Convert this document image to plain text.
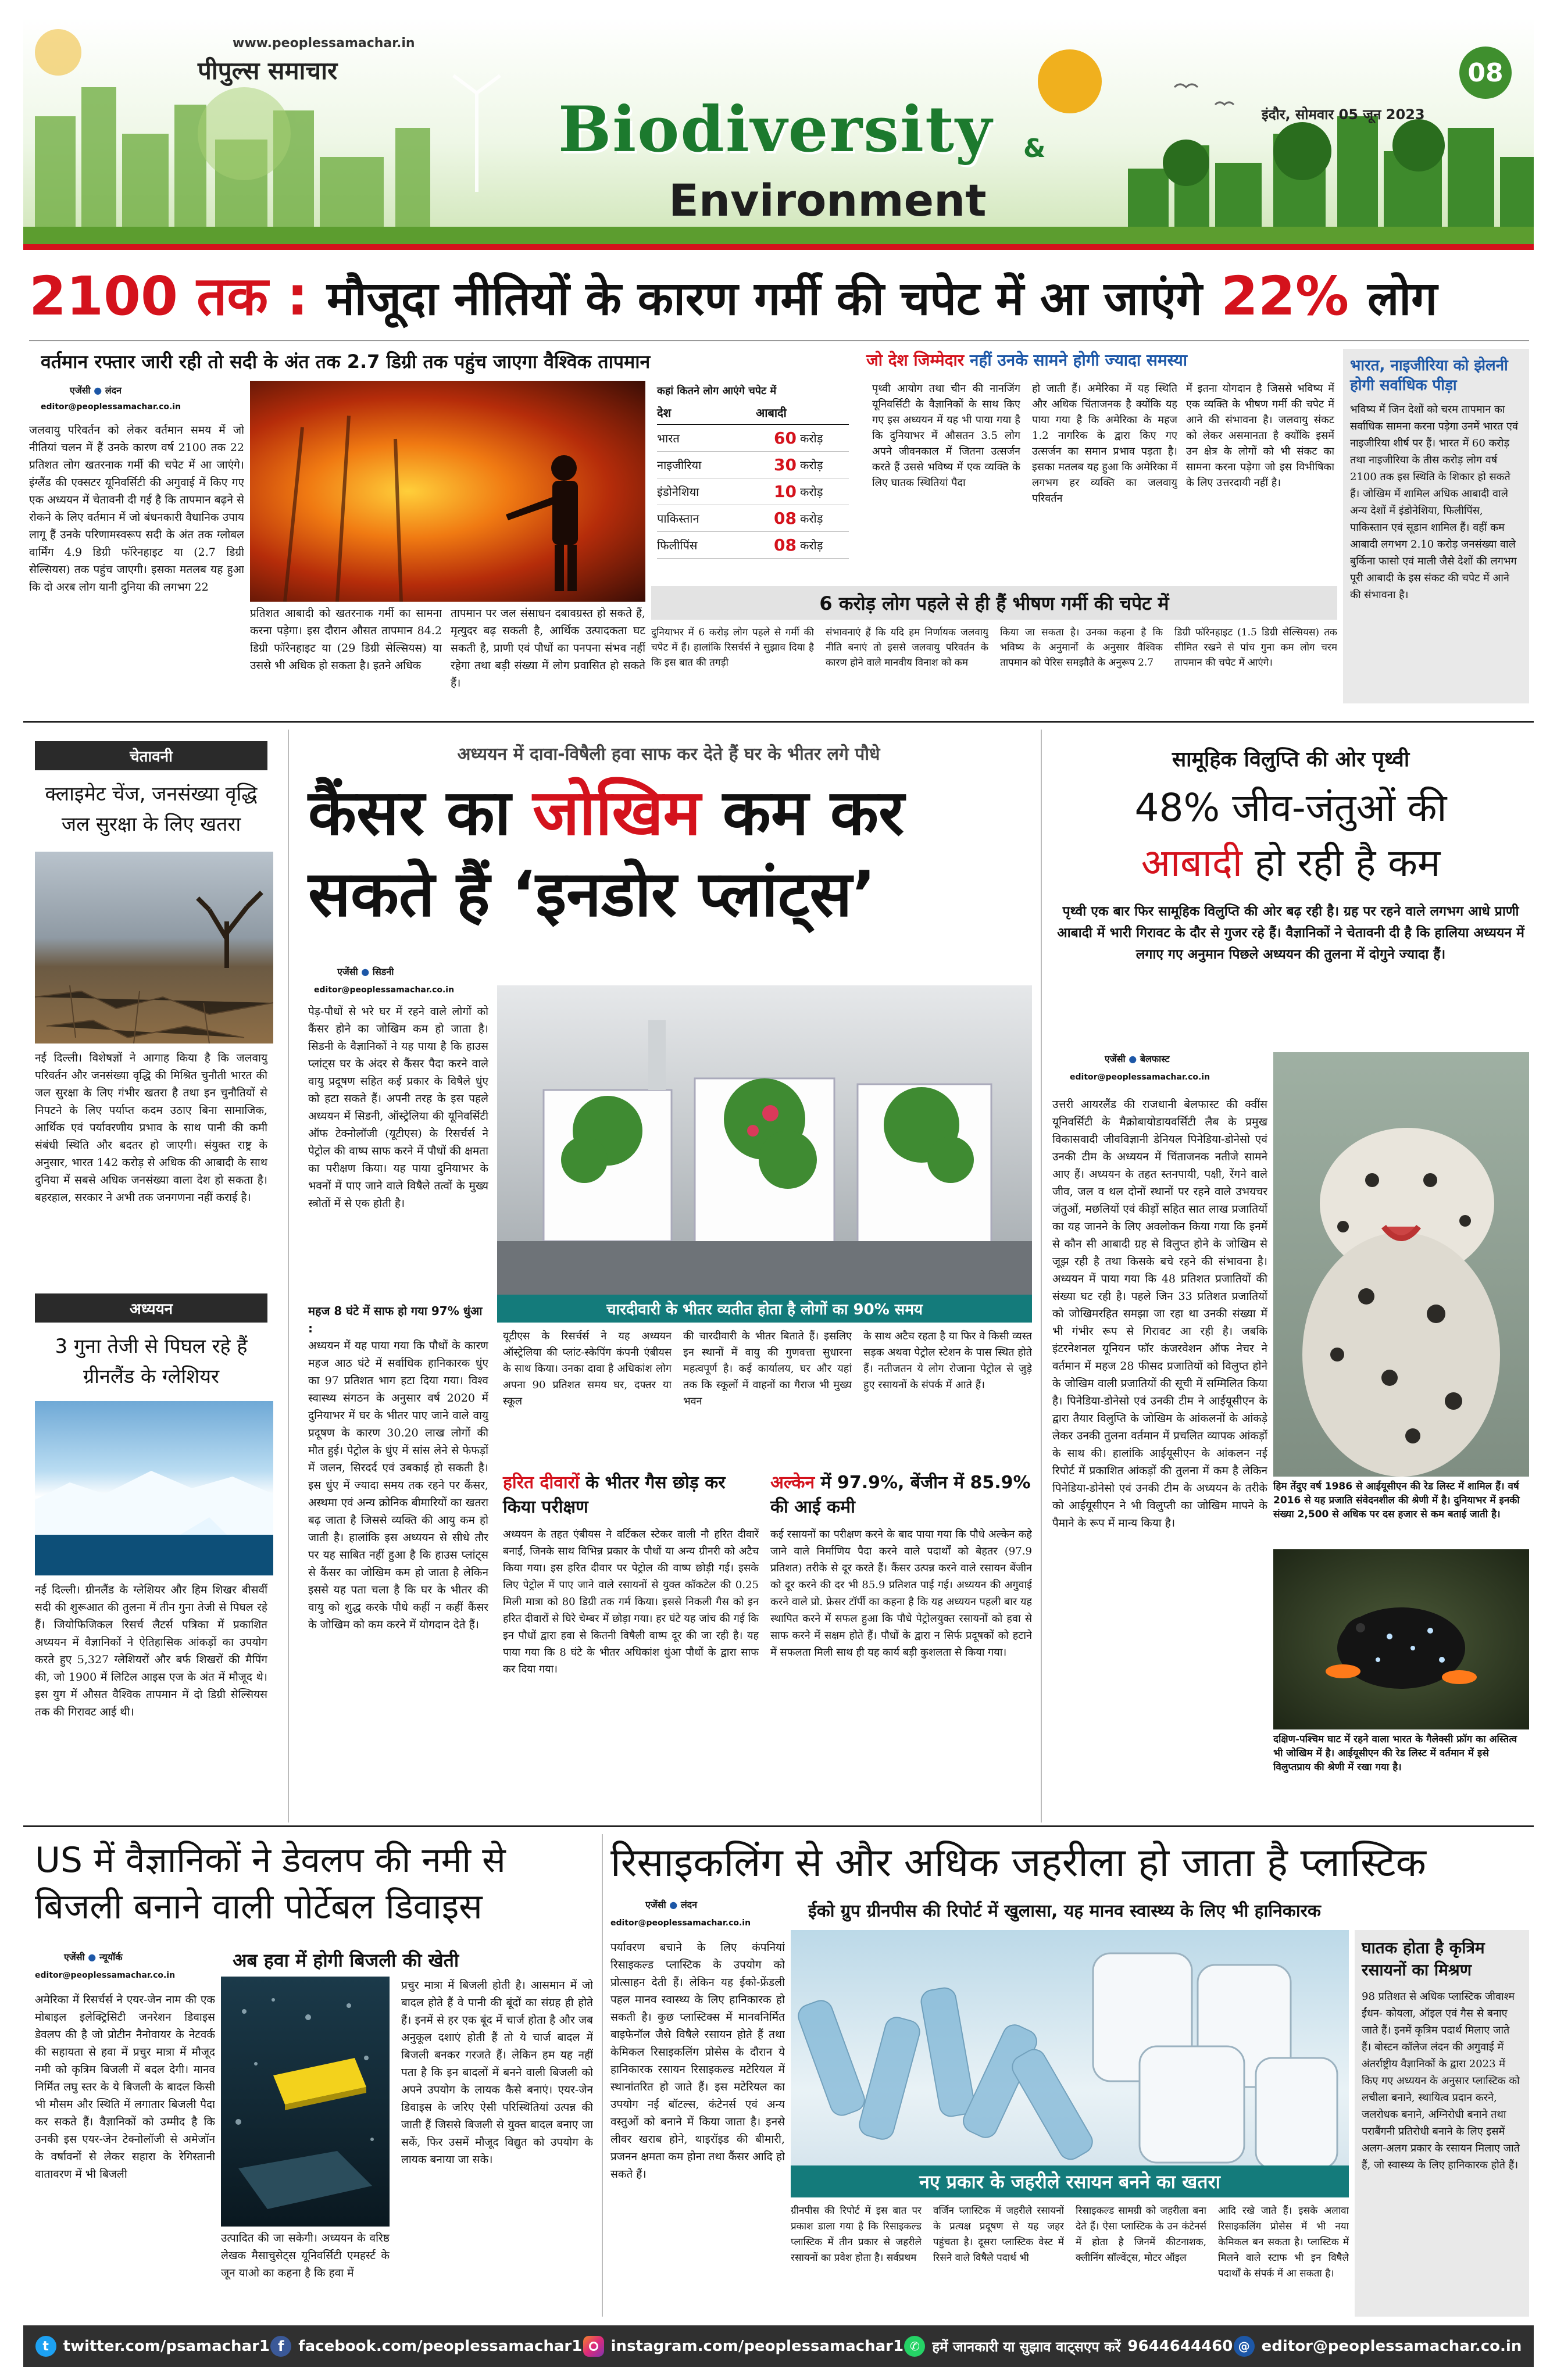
www.peoplessamachar.in
पीपुल्स समाचार
Biodiversity &
Environment
08
इंदौर, सोमवार 05 जून 2023
2100 तक : मौजूदा नीतियों के कारण गर्मी की चपेट में आ जाएंगे 22% लोग
वर्तमान रफ्तार जारी रही तो सदी के अंत तक 2.7 डिग्री तक पहुंच जाएगा वैश्विक तापमान
एजेंसी ● लंदन
editor@peoplessamachar.co.in
जलवायु परिवर्तन को लेकर वर्तमान समय में जो नीतियां चलन में हैं उनके कारण वर्ष 2100 तक 22 प्रतिशत लोग खतरनाक गर्मी की चपेट में आ जाएंगे। इंग्लैंड की एक्सटर यूनिवर्सिटी की अगुवाई में किए गए एक अध्ययन में चेतावनी दी गई है कि तापमान बढ़ने से रोकने के लिए वर्तमान में जो बंधनकारी वैधानिक उपाय लागू हैं उनके परिणामस्वरूप सदी के अंत तक ग्लोबल वार्मिंग 4.9 डिग्री फॉरेनहाइट या (2.7 डिग्री सेल्सियस) तक पहुंच जाएगी। इसका मतलब यह हुआ कि दो अरब लोग यानी दुनिया की लगभग 22
प्रतिशत आबादी को खतरनाक गर्मी का सामना करना पड़ेगा। इस दौरान औसत तापमान 84.2 डिग्री फॉरेनहाइट या (29 डिग्री सेल्सियस) या उससे भी अधिक हो सकता है। इतने अधिक
तापमान पर जल संसाधन दबावग्रस्त हो सकते हैं, मृत्युदर बढ़ सकती है, आर्थिक उत्पादकता घट सकती है, प्राणी एवं पौधों का पनपना संभव नहीं रहेगा तथा बड़ी संख्या में लोग प्रवासित हो सकते हैं।
कहां कितने लोग आएंगे चपेट में
देश	आबादी
भारत	60 करोड़
नाइजीरिया	30 करोड़
इंडोनेशिया	10 करोड़
पाकिस्तान	08 करोड़
फिलीपिंस	08 करोड़
जो देश जिम्मेदार नहीं उनके सामने होगी ज्यादा समस्या
पृथ्वी आयोग तथा चीन की नानजिंग यूनिवर्सिटी के वैज्ञानिकों के साथ किए गए इस अध्ययन में यह भी पाया गया है कि दुनियाभर में औसतन 3.5 लोग अपने जीवनकाल में जितना उत्सर्जन करते हैं उससे भविष्य में एक व्यक्ति के लिए घातक स्थितियां पैदा
हो जाती हैं। अमेरिका में यह स्थिति और अधिक चिंताजनक है क्योंकि यह पाया गया है कि अमेरिका के महज 1.2 नागरिक के द्वारा किए गए उत्सर्जन का समान प्रभाव पड़ता है। इसका मतलब यह हुआ कि अमेरिका में लगभग हर व्यक्ति का जलवायु परिवर्तन
में इतना योगदान है जिससे भविष्य में एक व्यक्ति के भीषण गर्मी की चपेट में आने की संभावना है। जलवायु संकट को लेकर असमानता है क्योंकि इसमें उन क्षेत्र के लोगों को भी संकट का सामना करना पड़ेगा जो इस विभीषिका के लिए उत्तरदायी नहीं है।
6 करोड़ लोग पहले से ही हैं भीषण गर्मी की चपेट में
दुनियाभर में 6 करोड़ लोग पहले से गर्मी की चपेट में हैं। हालांकि रिसर्चर्स ने सुझाव दिया है कि इस बात की तगड़ी
संभावनाएं हैं कि यदि हम निर्णायक जलवायु नीति बनाएं तो इससे जलवायु परिवर्तन के कारण होने वाले मानवीय विनाश को कम
किया जा सकता है। उनका कहना है कि भविष्य के अनुमानों के अनुसार वैश्विक तापमान को पेरिस समझौते के अनुरूप 2.7
डिग्री फॉरेनहाइट (1.5 डिग्री सेल्सियस) तक सीमित रखने से पांच गुना कम लोग चरम तापमान की चपेट में आएंगे।
भारत, नाइजीरिया को झेलनी होगी सर्वाधिक पीड़ा
भविष्य में जिन देशों को चरम तापमान का सर्वाधिक सामना करना पड़ेगा उनमें भारत एवं नाइजीरिया शीर्ष पर हैं। भारत में 60 करोड़ तथा नाइजीरिया के तीस करोड़ लोग वर्ष 2100 तक इस स्थिति के शिकार हो सकते हैं। जोखिम में शामिल अधिक आबादी वाले अन्य देशों में इंडोनेशिया, फिलीपिंस, पाकिस्तान एवं सूडान शामिल हैं। वहीं कम आबादी लगभग 2.10 करोड़ जनसंख्या वाले बुर्किना फासो एवं माली जैसे देशों की लगभग पूरी आबादी के इस संकट की चपेट में आने की संभावना है।
चेतावनी
क्लाइमेट चेंज, जनसंख्या वृद्धि जल सुरक्षा के लिए खतरा
नई दिल्ली। विशेषज्ञों ने आगाह किया है कि जलवायु परिवर्तन और जनसंख्या वृद्धि की मिश्रित चुनौती भारत की जल सुरक्षा के लिए गंभीर खतरा है तथा इन चुनौतियों से निपटने के लिए पर्याप्त कदम उठाए बिना सामाजिक, आर्थिक एवं पर्यावरणीय प्रभाव के साथ पानी की कमी संबंधी स्थिति और बदतर हो जाएगी। संयुक्त राष्ट्र के अनुसार, भारत 142 करोड़ से अधिक की आबादी के साथ दुनिया में सबसे अधिक जनसंख्या वाला देश हो सकता है। बहरहाल, सरकार ने अभी तक जनगणना नहीं कराई है।
अध्ययन
3 गुना तेजी से पिघल रहे हैं ग्रीनलैंड के ग्लेशियर
नई दिल्ली। ग्रीनलैंड के ग्लेशियर और हिम शिखर बीसवीं सदी की शुरूआत की तुलना में तीन गुना तेजी से पिघल रहे हैं। जियोफिजिकल रिसर्च लैटर्स पत्रिका में प्रकाशित अध्ययन में वैज्ञानिकों ने ऐतिहासिक आंकड़ों का उपयोग करते हुए 5,327 ग्लेशियरों और बर्फ शिखरों की मैपिंग की, जो 1900 में लिटिल आइस एज के अंत में मौजूद थे। इस युग में औसत वैश्विक तापमान में दो डिग्री सेल्सियस तक की गिरावट आई थी।
अध्ययन में दावा-विषैली हवा साफ कर देते हैं घर के भीतर लगे पौधे
कैंसर का जोखिम कम कर
सकते हैं ‘इनडोर प्लांट्स’
एजेंसी ● सिडनी
editor@peoplessamachar.co.in
चारदीवारी के भीतर व्यतीत होता है लोगों का 90% समय
पेड़-पौधों से भरे घर में रहने वाले लोगों को कैंसर होने का जोखिम कम हो जाता है। सिडनी के वैज्ञानिकों ने यह पाया है कि हाउस प्लांट्स घर के अंदर से कैंसर पैदा करने वाले वायु प्रदूषण सहित कई प्रकार के विषैले धुंए को हटा सकते हैं। अपनी तरह के इस पहले अध्ययन में सिडनी, ऑस्ट्रेलिया की यूनिवर्सिटी ऑफ टेक्नोलॉजी (यूटीएस) के रिसर्चर्स ने पेट्रोल की वाष्प साफ करने में पौधों की क्षमता का परीक्षण किया। यह पाया दुनियाभर के भवनों में पाए जाने वाले विषैले तत्वों के मुख्य स्त्रोतों में से एक होती है।
महज 8 घंटे में साफ हो गया 97% धुंआ :
अध्ययन में यह पाया गया कि पौधों के कारण महज आठ घंटे में सर्वाधिक हानिकारक धुंए का 97 प्रतिशत भाग हटा दिया गया। विश्व स्वास्थ्य संगठन के अनुसार वर्ष 2020 में दुनियाभर में घर के भीतर पाए जाने वाले वायु प्रदूषण के कारण 30.20 लाख लोगों की मौत हुई। पेट्रोल के धुंए में सांस लेने से फेफड़ों में जलन, सिरदर्द एवं उबकाई हो सकती है। इस धुंए में ज्यादा समय तक रहने पर कैंसर, अस्थमा एवं अन्य क्रोनिक बीमारियों का खतरा बढ़ जाता है जिससे व्यक्ति की आयु कम हो जाती है। हालांकि इस अध्ययन से सीधे तौर पर यह साबित नहीं हुआ है कि हाउस प्लांट्स से कैंसर का जोखिम कम हो जाता है लेकिन इससे यह पता चला है कि घर के भीतर की वायु को शुद्ध करके पौधे कहीं न कहीं कैंसर के जोखिम को कम करने में योगदान देते हैं।
यूटीएस के रिसर्चर्स ने यह अध्ययन ऑस्ट्रेलिया की प्लांट-स्केपिंग कंपनी एंबीयस के साथ किया। उनका दावा है अधिकांश लोग अपना 90 प्रतिशत समय घर, दफ्तर या स्कूल
की चारदीवारी के भीतर बिताते हैं। इसलिए इन स्थानों में वायु की गुणवत्ता सुधारना महत्वपूर्ण है। कई कार्यालय, घर और यहां तक कि स्कूलों में वाहनों का गैराज भी मुख्य भवन
के साथ अटैच रहता है या फिर वे किसी व्यस्त सड़क अथवा पेट्रोल स्टेशन के पास स्थित होते हैं। नतीजतन ये लोग रोजाना पेट्रोल से जुड़े हुए रसायनों के संपर्क में आते हैं।
हरित दीवारों के भीतर गैस छोड़ कर किया परीक्षण
अध्ययन के तहत एंबीयस ने वर्टिकल स्टेकर वाली नौ हरित दीवारें बनाईं, जिनके साथ विभिन्न प्रकार के पौधों या अन्य ग्रीनरी को अटैच किया गया। इस हरित दीवार पर पेट्रोल की वाष्प छोड़ी गई। इसके लिए पेट्रोल में पाए जाने वाले रसायनों से युक्त कॉकटेल की 0.25 मिली मात्रा को 80 डिग्री तक गर्म किया। इससे निकली गैस को इन हरित दीवारों से घिरे चेम्बर में छोड़ा गया। हर घंटे यह जांच की गई कि इन पौधों द्वारा हवा से कितनी विषैली वाष्प दूर की जा रही है। यह पाया गया कि 8 घंटे के भीतर अधिकांश धुंआ पौधों के द्वारा साफ कर दिया गया।
अल्केन में 97.9%, बेंजीन में 85.9% की आई कमी
कई रसायनों का परीक्षण करने के बाद पाया गया कि पौधे अल्केन कहे जाने वाले निर्माणिय पैदा करने वाले पदार्थों को बेहतर (97.9 प्रतिशत) तरीके से दूर करते हैं। कैंसर उत्पन्न करने वाले रसायन बेंजीन को दूर करने की दर भी 85.9 प्रतिशत पाई गई। अध्ययन की अगुवाई करने वाले प्रो. फ्रेसर टॉर्पी का कहना है कि यह अध्ययन पहली बार यह स्थापित करने में सफल हुआ कि पौधे पेट्रोलयुक्त रसायनों को हवा से साफ करने में सक्षम होते हैं। पौधों के द्वारा न सिर्फ प्रदूषकों को हटाने में सफलता मिली साथ ही यह कार्य बड़ी कुशलता से किया गया।
सामूहिक विलुप्ति की ओर पृथ्वी
48% जीव-जंतुओं की
आबादी हो रही है कम
पृथ्वी एक बार फिर सामूहिक विलुप्ति की ओर बढ़ रही है। ग्रह पर रहने वाले लगभग आधे प्राणी आबादी में भारी गिरावट के दौर से गुजर रहे हैं। वैज्ञानिकों ने चेतावनी दी है कि हालिया अध्ययन में लगाए गए अनुमान पिछले अध्ययन की तुलना में दोगुने ज्यादा हैं।
एजेंसी ● बेलफास्ट
editor@peoplessamachar.co.in
उत्तरी आयरलैंड की राजधानी बेलफास्ट की क्वींस यूनिवर्सिटी के मैक्रोबायोडायवर्सिटी लैब के प्रमुख विकासवादी जीवविज्ञानी डेनियल पिनेडिया-डोनेसो एवं उनकी टीम के अध्ययन में चिंताजनक नतीजे सामने आए हैं। अध्ययन के तहत स्तनपायी, पक्षी, रेंगने वाले जीव, जल व थल दोनों स्थानों पर रहने वाले उभयचर जंतुओं, मछलियों एवं कीड़ों सहित सात लाख प्रजातियों का यह जानने के लिए अवलोकन किया गया कि इनमें से कौन सी आबादी ग्रह से विलुप्त होने के जोखिम से जूझ रही है तथा किसके बचे रहने की संभावना है। अध्ययन में पाया गया कि 48 प्रतिशत प्रजातियों की संख्या घट रही है। पहले जिन 33 प्रतिशत प्रजातियों को जोखिमरहित समझा जा रहा था उनकी संख्या में भी गंभीर रूप से गिरावट आ रही है। जबकि इंटरनेशनल यूनियन फॉर कंजरवेशन ऑफ नेचर ने वर्तमान में महज 28 फीसद प्रजातियों को विलुप्त होने के जोखिम वाली प्रजातियों की सूची में सम्मिलित किया है। पिनेडिया-डोनेसो एवं उनकी टीम ने आईयूसीएन के द्वारा तैयार विलुप्ति के जोखिम के आंकलनों के आंकड़े लेकर उनकी तुलना वर्तमान में प्रचलित व्यापक आंकड़ों के साथ की। हालांकि आईयूसीएन के आंकलन नई रिपोर्ट में प्रकाशित आंकड़ों की तुलना में कम है लेकिन पिनेडिया-डोनेसो एवं उनकी टीम के अध्ययन के तरीके को आईयूसीएन ने भी विलुप्ती का जोखिम मापने के पैमाने के रूप में मान्य किया है।
हिम तेंदुए वर्ष 1986 से आईयूसीएन की रेड लिस्ट में शामिल हैं। वर्ष 2016 से यह प्रजाति संवेदनशील की श्रेणी में है। दुनियाभर में इनकी संख्या 2,500 से अधिक पर दस हजार से कम बताई जाती है।
दक्षिण-पश्चिम घाट में रहने वाला भारत के गैलेक्सी फ्रॉग का अस्तित्व भी जोखिम में है। आईयूसीएन की रेड लिस्ट में वर्तमान में इसे विलुप्तप्राय की श्रेणी में रखा गया है।
US में वैज्ञानिकों ने डेवलप की नमी से बिजली बनाने वाली पोर्टेबल डिवाइस
एजेंसी ● न्यूयॉर्क
editor@peoplessamachar.co.in
अमेरिका में रिसर्चर्स ने एयर-जेन नाम की एक मोबाइल इलेक्ट्रिसिटी जनरेशन डिवाइस डेवलप की है जो प्रोटीन नैनोवायर के नेटवर्क की सहायता से हवा में प्रचुर मात्रा में मौजूद नमी को कृत्रिम बिजली में बदल देगी। मानव निर्मित लघु स्तर के ये बिजली के बादल किसी भी मौसम और स्थिति में लगातार बिजली पैदा कर सकते हैं। वैज्ञानिकों को उम्मीद है कि उनकी इस एयर-जेन टेक्नोलॉजी से अमेजॉन के वर्षावनों से लेकर सहारा के रेगिस्तानी वातावरण में भी बिजली
अब हवा में होगी बिजली की खेती
उत्पादित की जा सकेगी। अध्ययन के वरिष्ठ लेखक मैसाचुसेट्स यूनिवर्सिटी एमहर्स्ट के जून याओ का कहना है कि हवा में
प्रचुर मात्रा में बिजली होती है। आसमान में जो बादल होते हैं वे पानी की बूंदों का संग्रह ही होते हैं। इनमें से हर एक बूंद में चार्ज होता है और जब अनुकूल दशाएं होती हैं तो ये चार्ज बादल में बिजली बनकर गरजते हैं। लेकिन हम यह नहीं पता है कि इन बादलों में बनने वाली बिजली को अपने उपयोग के लायक कैसे बनाएं। एयर-जेन डिवाइस के जरिए ऐसी परिस्थितियां उत्पन्न की जाती हैं जिससे बिजली से युक्त बादल बनाए जा सकें, फिर उसमें मौजूद विद्युत को उपयोग के लायक बनाया जा सके।
रिसाइकलिंग से और अधिक जहरीला हो जाता है प्लास्टिक
ईको ग्रुप ग्रीनपीस की रिपोर्ट में खुलासा, यह मानव स्वास्थ्य के लिए भी हानिकारक
एजेंसी ● लंदन
editor@peoplessamachar.co.in
पर्यावरण बचाने के लिए कंपनियां रिसाइकल्ड प्लास्टिक के उपयोग को प्रोत्साहन देती हैं। लेकिन यह ईको-फ्रेंडली पहल मानव स्वास्थ्य के लिए हानिकारक हो सकती है। कुछ प्लास्टिक्स में मानवनिर्मित बाइफेनॉल जैसे विषैले रसायन होते हैं तथा केमिकल रिसाइकलिंग प्रोसेस के दौरान ये हानिकारक रसायन रिसाइकल्ड मटेरियल में स्थानांतरित हो जाते हैं। इस मटेरियल का उपयोग नई बॉटल्स, कंटेनर्स एवं अन्य वस्तुओं को बनाने में किया जाता है। इनसे लीवर खराब होने, थाइरॉइड की बीमारी, प्रजनन क्षमता कम होना तथा कैंसर आदि हो सकते हैं।	नए प्रकार के जहरीले रसायन बनने का खतरा
ग्रीनपीस की रिपोर्ट में इस बात पर प्रकाश डाला गया है कि रिसाइकल्ड प्लास्टिक में तीन प्रकार से जहरीले रसायनों का प्रवेश होता है। सर्वप्रथम
वर्जिन प्लास्टिक में जहरीले रसायनों के प्रत्यक्ष प्रदूषण से यह जहर पहुंचता है। दूसरा प्लास्टिक वेस्ट में रिसने वाले विषैले पदार्थ भी
रिसाइकल्ड सामग्री को जहरीला बना देते हैं। ऐसा प्लास्टिक के उन कंटेनर्स में होता है जिनमें कीटनाशक, क्लीनिंग सॉल्वेंट्स, मोटर ऑइल
आदि रखे जाते हैं। इसके अलावा रिसाइकलिंग प्रोसेस में भी नया केमिकल बन सकता है। प्लास्टिक में मिलने वाले स्टाफ भी इन विषैले पदार्थों के संपर्क में आ सकता है।
घातक होता है कृत्रिम रसायनों का मिश्रण
98 प्रतिशत से अधिक प्लास्टिक जीवाश्म ईंधन- कोयला, ऑइल एवं गैस से बनाए जाते हैं। इनमें कृत्रिम पदार्थ मिलाए जाते हैं। बोस्टन कॉलेज लंदन की अगुवाई में अंतर्राष्ट्रीय वैज्ञानिकों के द्वारा 2023 में किए गए अध्ययन के अनुसार प्लास्टिक को लचीला बनाने, स्थायित्व प्रदान करने, जलरोधक बनाने, अग्निरोधी बनाने तथा पराबैंगनी प्रतिरोधी बनाने के लिए इसमें अलग-अलग प्रकार के रसायन मिलाए जाते हैं, जो स्वास्थ्य के लिए हानिकारक होते हैं।
t twitter.com/psamachar1 f facebook.com/peoplessamachar1 instagram.com/peoplessamachar1 ✆ हमें जानकारी या सुझाव वाट्सएप करें 9644644460 @ editor@peoplessamachar.co.in
